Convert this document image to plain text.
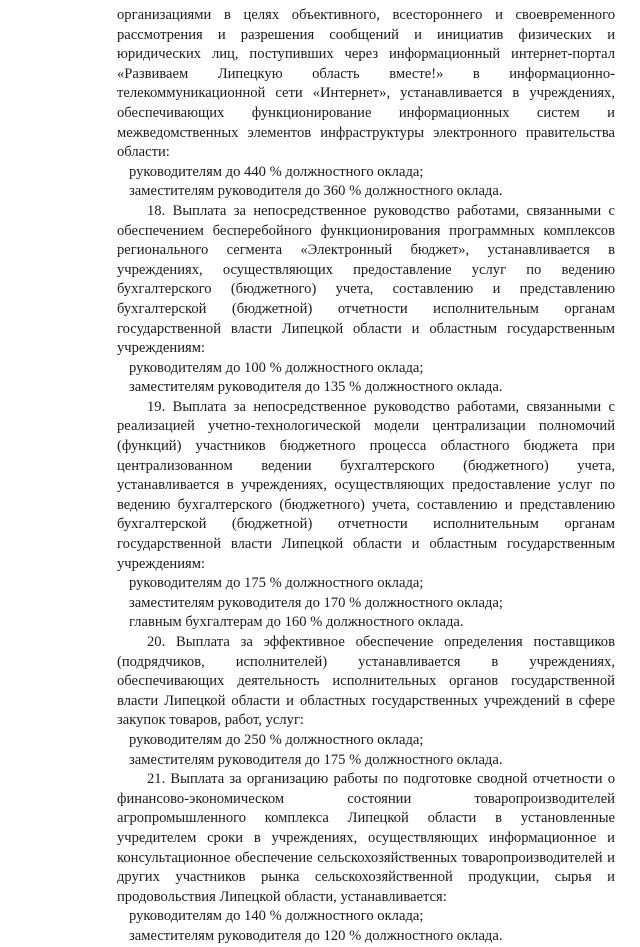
организациями в целях объективного, всестороннего и своевременного рассмотрения и разрешения сообщений и инициатив физических и юридических лиц, поступивших через информационный интернет-портал «Развиваем Липецкую область вместе!» в информационно-телекоммуникационной сети «Интернет», устанавливается в учреждениях, обеспечивающих функционирование информационных систем и межведомственных элементов инфраструктуры электронного правительства области:

руководителям до 440 % должностного оклада;

заместителям руководителя до 360 % должностного оклада.

18. Выплата за непосредственное руководство работами, связанными с обеспечением бесперебойного функционирования программных комплексов регионального сегмента «Электронный бюджет», устанавливается в учреждениях, осуществляющих предоставление услуг по ведению бухгалтерского (бюджетного) учета, составлению и представлению бухгалтерской (бюджетной) отчетности исполнительным органам государственной власти Липецкой области и областным государственным учреждениям:

руководителям до 100 % должностного оклада;

заместителям руководителя до 135 % должностного оклада.

19. Выплата за непосредственное руководство работами, связанными с реализацией учетно-технологической модели централизации полномочий (функций) участников бюджетного процесса областного бюджета при централизованном ведении бухгалтерского (бюджетного) учета, устанавливается в учреждениях, осуществляющих предоставление услуг по ведению бухгалтерского (бюджетного) учета, составлению и представлению бухгалтерской (бюджетной) отчетности исполнительным органам государственной власти Липецкой области и областным государственным учреждениям:

руководителям до 175 % должностного оклада;

заместителям руководителя до 170 % должностного оклада;

главным бухгалтерам до 160 % должностного оклада.

20. Выплата за эффективное обеспечение определения поставщиков (подрядчиков, исполнителей) устанавливается в учреждениях, обеспечивающих деятельность исполнительных органов государственной власти Липецкой области и областных государственных учреждений в сфере закупок товаров, работ, услуг:

руководителям до 250 % должностного оклада;

заместителям руководителя до 175 % должностного оклада.

21. Выплата за организацию работы по подготовке сводной отчетности о финансово-экономическом состоянии товаропроизводителей агропромышленного комплекса Липецкой области в установленные учредителем сроки в учреждениях, осуществляющих информационное и консультационное обеспечение сельскохозяйственных товаропроизводителей и других участников рынка сельскохозяйственной продукции, сырья и продовольствия Липецкой области, устанавливается:

руководителям до 140 % должностного оклада;

заместителям руководителя до 120 % должностного оклада.
